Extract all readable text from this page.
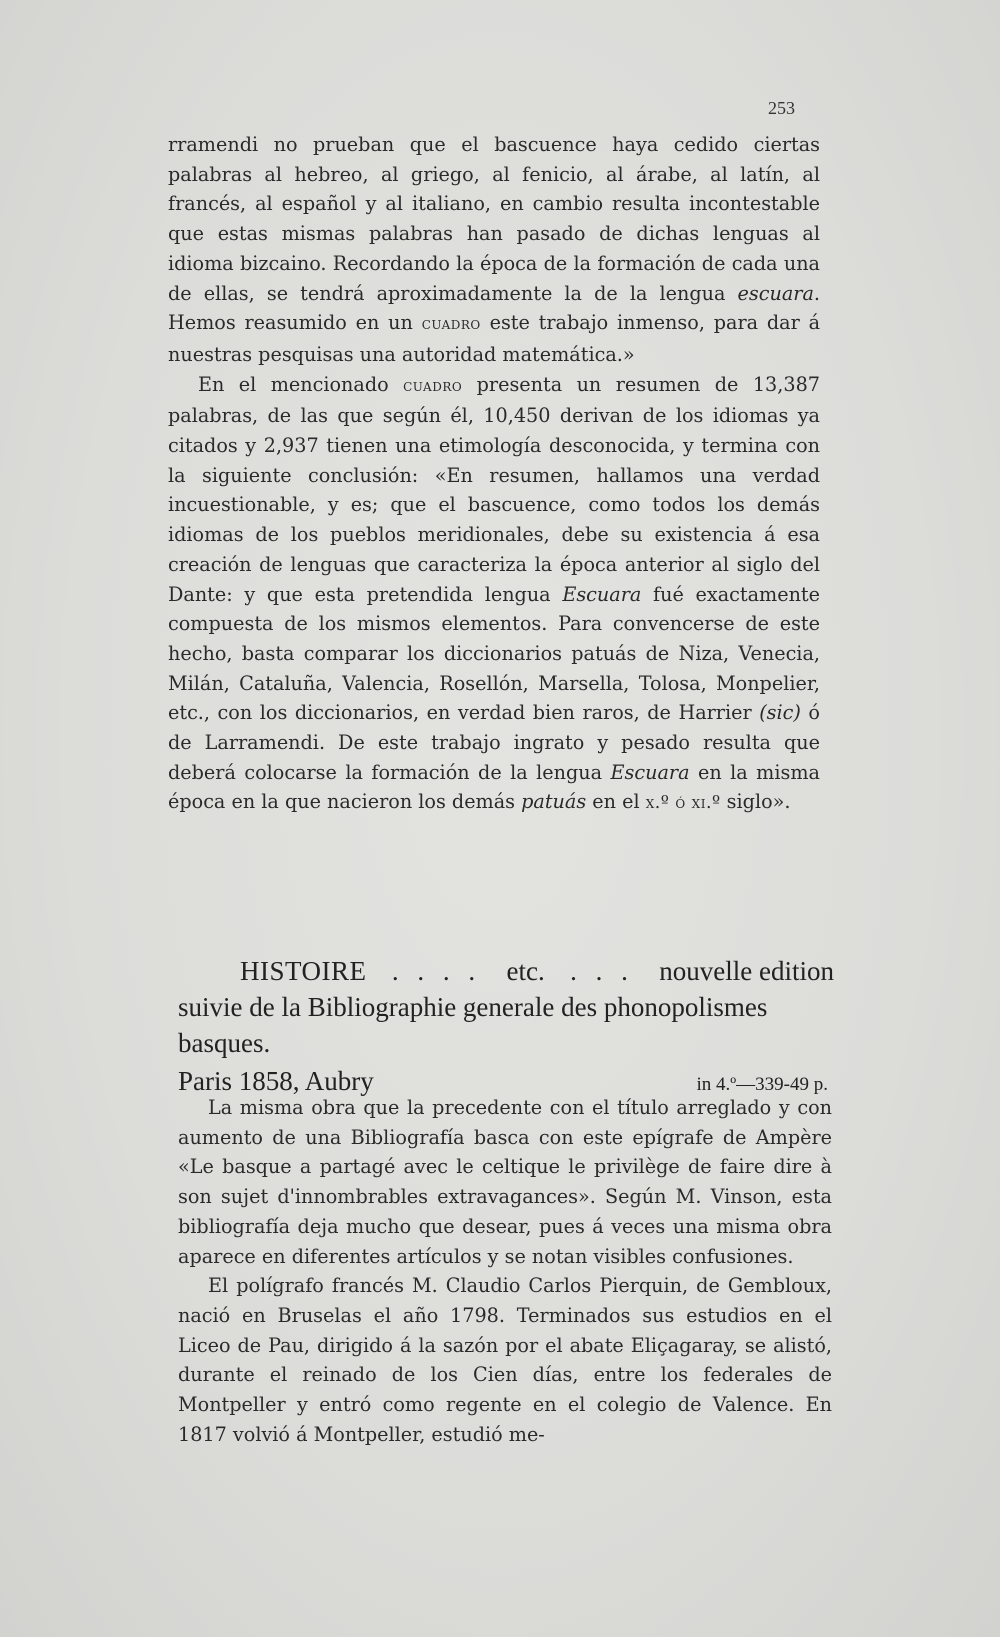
253

rramendi no prueban que el bascuence haya cedido ciertas palabras al hebreo, al griego, al fenicio, al árabe, al latín, al francés, al español y al italiano, en cambio resulta incontestable que estas mismas palabras han pasado de dichas lenguas al idioma bizcaino. Recordando la época de la formación de cada una de ellas, se tendrá aproximadamente la de la lengua escuara. Hemos reasumido en un cuadro este trabajo inmenso, para dar á nuestras pesquisas una autoridad matemática.»

En el mencionado cuadro presenta un resumen de 13,387 palabras, de las que según él, 10,450 derivan de los idiomas ya citados y 2,937 tienen una etimología desconocida, y termina con la siguiente conclusión: «En resumen, hallamos una verdad incuestionable, y es; que el bascuence, como todos los demás idiomas de los pueblos meridionales, debe su existencia á esa creación de lenguas que caracteriza la época anterior al siglo del Dante: y que esta pretendida lengua Escuara fué exactamente compuesta de los mismos elementos. Para convencerse de este hecho, basta comparar los diccionarios patuás de Niza, Venecia, Milán, Cataluña, Valencia, Rosellón, Marsella, Tolosa, Monpelier, etc., con los diccionarios, en verdad bien raros, de Harrier (sic) ó de Larramendi. De este trabajo ingrato y pesado resulta que deberá colocarse la formación de la lengua Escuara en la misma época en la que nacieron los demás patuás en el x.º ó xi.º siglo».

HISTOIRE . . . . etc. . . . nouvelle edition
suivie de la Bibliographie generale des phonopolismes basques.
Paris 1858, Aubry	in 4.º—339-49 p.

La misma obra que la precedente con el título arreglado y con aumento de una Bibliografía basca con este epígrafe de Ampère «Le basque a partagé avec le celtique le privilège de faire dire à son sujet d'innombrables extravagances». Según M. Vinson, esta bibliografía deja mucho que desear, pues á veces una misma obra aparece en diferentes artículos y se notan visibles confusiones.

El polígrafo francés M. Claudio Carlos Pierquin, de Gembloux, nació en Bruselas el año 1798. Terminados sus estudios en el Liceo de Pau, dirigido á la sazón por el abate Eliçagaray, se alistó, durante el reinado de los Cien días, entre los federales de Montpeller y entró como regente en el colegio de Valence. En 1817 volvió á Montpeller, estudió me-
